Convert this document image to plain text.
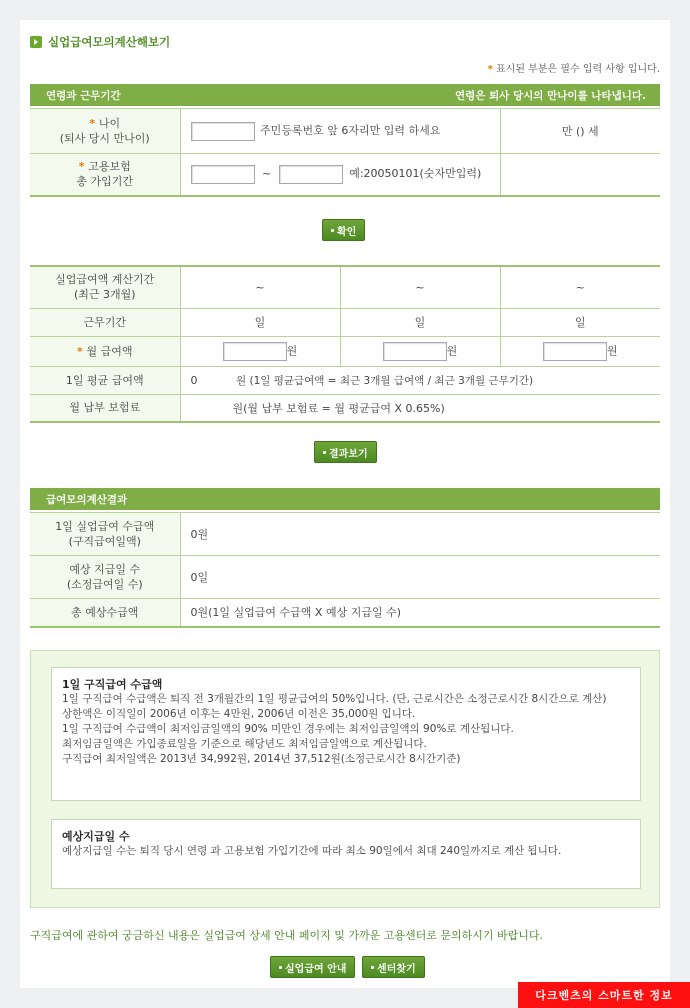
실업급여모의계산해보기
* 표시된 부분은 필수 입력 사항 입니다.
연령과 근무기간	연령은 퇴사 당시의 만나이를 나타냅니다.
* 나이
(퇴사 당시 만나이)	주민등록번호 앞 6자리만 입력 하세요	만 () 세
* 고용보험
총 가입기간	~ 예:20050101(숫자만입력)	
확인
실업급여액 계산기간
(최근 3개월)	~	~	~
근무기간	일	일	일
* 월 급여액	원	원	원
1일 평균 급여액	0 원 (1일 평균급여액 = 최근 3개월 급여액 / 최근 3개월 근무기간)		
월 납부 보험료	원(월 납부 보험료 = 월 평균급여 X 0.65%)		
결과보기
급여모의계산결과
1일 실업급여 수급액
(구직급여일액)	0원
예상 지급일 수
(소정급여일 수)	0일
총 예상수급액	0원(1일 실업급여 수급액 X 예상 지급일 수)
1일 구직급여 수급액
1일 구직급여 수급액은 퇴직 전 3개월간의 1일 평균급여의 50%입니다. (단, 근로시간은 소정근로시간 8시간으로 계산)
상한액은 이직일이 2006년 이후는 4만원, 2006년 이전은 35,000원 입니다.
1일 구직급여 수급액이 최저임금일액의 90% 미만인 경우에는 최저임금일액의 90%로 계산됩니다.
최저임금일액은 가입종료일을 기준으로 해당년도 최저임금일액으로 계산됩니다.
구직급여 최저일액은 2013년 34,992원, 2014년 37,512원(소정근로시간 8시간기준)
예상지급일 수
예상지급일 수는 퇴직 당시 연령 과 고용보험 가입기간에 따라 최소 90일에서 최대 240일까지로 계산 됩니다.
구직급여에 관하여 궁금하신 내용은 실업급여 상세 안내 페이지 및 가까운 고용센터로 문의하시기 바랍니다.
실업급여 안내	센터찾기
다크벤츠의 스마트한 정보
